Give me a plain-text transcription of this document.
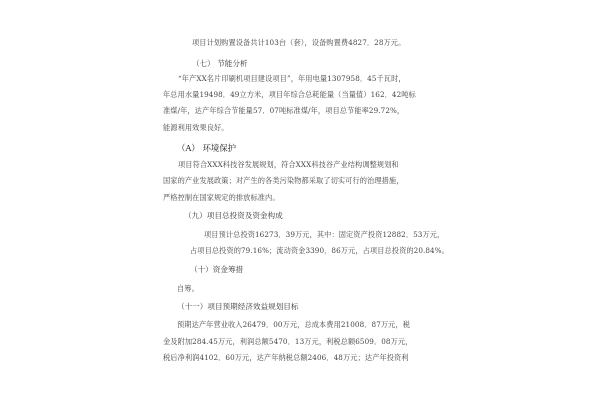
项目计划购置设备共计103台（套），设备购置费4827．28万元。
（七） 节能分析
“年产XX名片印刷机项目建设项目”，年用电量1307958．45千瓦时，
年总用水量19498．49立方米，项目年综合总耗能量（当量值）162．42吨标
准煤/年，达产年综合节能量57．07吨标准煤/年，项目总节能率29.72%，
能源利用效果良好。
（A） 环境保护
项目符合XXX科技谷发展规划，符合XXX科技谷产业结构调整规划和
国家的产业发展政策；对产生的各类污染物都采取了切实可行的治理措施，
严格控制在国家规定的排放标准内。
（九）项目总投资及资金构成
项目预计总投资16273．39万元，其中：固定资产投资12882．53万元，
占项目总投资的79.16%；流动资金3390．86万元，占项目总投资的20.84%。
（十）资金筹措
自筹。
（十一）项目预期经济效益规划目标
预期达产年营业收入26479．00万元，总成本费用21008．87万元，税
金及附加284.45万元，利润总额5470．13万元，利税总额6509．08万元，
税后净利润4102．60万元，达产年纳税总额2406．48万元；达产年投资利
